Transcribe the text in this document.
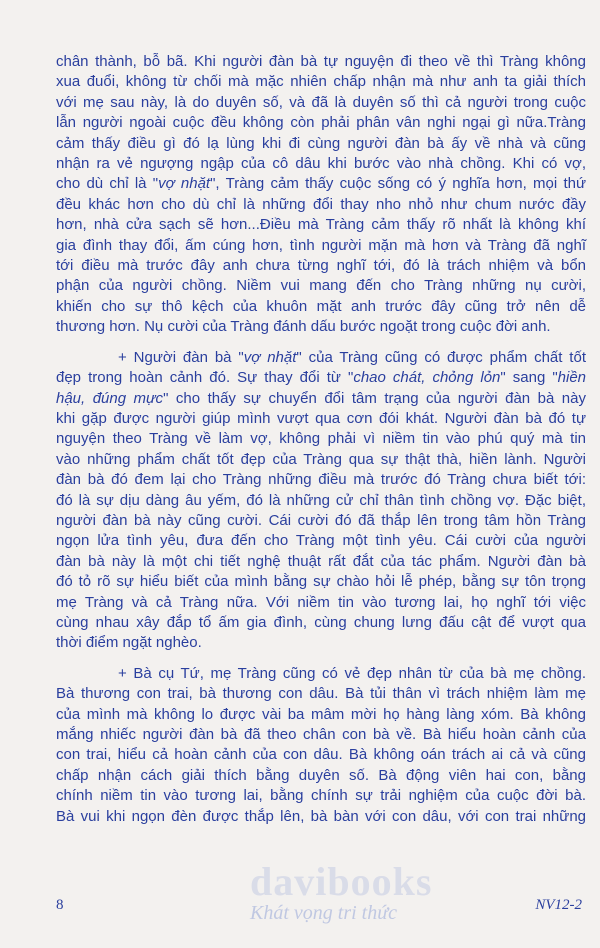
chân thành, bỗ bã. Khi người đàn bà tự nguyện đi theo về thì Tràng không
xua đuổi, không từ chối mà mặc nhiên chấp nhận mà như anh ta giải thích
với mẹ sau này, là do duyên số, và đã là duyên số thì cả người trong cuộc
lẫn người ngoài cuộc đều không còn phải phân vân nghi ngại gì nữa.Tràng
cảm thấy điều gì đó lạ lùng khi đi cùng người đàn bà ấy về nhà và cũng
nhận ra vẻ ngượng ngập của cô dâu khi bước vào nhà chồng. Khi có vợ,
cho dù chỉ là "vợ nhặt", Tràng cảm thấy cuộc sống có ý nghĩa hơn, mọi thứ
đều khác hơn cho dù chỉ là những đổi thay nho nhỏ như chum nước đầy
hơn, nhà cửa sạch sẽ hơn...Điều mà Tràng cảm thấy rõ nhất là không khí
gia đình thay đổi, ấm cúng hơn, tình người mặn mà hơn và Tràng đã nghĩ
tới điều mà trước đây anh chưa từng nghĩ tới, đó là trách nhiệm và bổn
phận của người chồng. Niềm vui mang đến cho Tràng những nụ cười,
khiến cho sự thô kệch của khuôn mặt anh trước đây cũng trở nên dễ
thương hơn. Nụ cười của Tràng đánh dấu bước ngoặt trong cuộc đời anh.
+ Người đàn bà "vợ nhặt" của Tràng cũng có được phẩm chất tốt
đẹp trong hoàn cảnh đó. Sự thay đổi từ "chao chát, chỏng lỏn" sang "hiền
hậu, đúng mực" cho thấy sự chuyển đổi tâm trạng của người đàn bà này
khi gặp được người giúp mình vượt qua cơn đói khát. Người đàn bà đó tự
nguyện theo Tràng về làm vợ, không phải vì niềm tin vào phú quý mà tin
vào những phẩm chất tốt đẹp của Tràng qua sự thật thà, hiền lành. Người
đàn bà đó đem lại cho Tràng những điều mà trước đó Tràng chưa biết tới:
đó là sự dịu dàng âu yếm, đó là những cử chỉ thân tình chồng vợ. Đặc biệt,
người đàn bà này cũng cười. Cái cười đó đã thắp lên trong tâm hồn Tràng
ngọn lửa tình yêu, đưa đến cho Tràng một tình yêu. Cái cười của người
đàn bà này là một chi tiết nghệ thuật rất đắt của tác phẩm. Người đàn bà
đó tỏ rõ sự hiểu biết của mình bằng sự chào hỏi lễ phép, bằng sự tôn trọng
mẹ Tràng và cả Tràng nữa. Với niềm tin vào tương lai, họ nghĩ tới việc
cùng nhau xây đắp tổ ấm gia đình, cùng chung lưng đấu cật để vượt qua
thời điểm ngặt nghèo.
+ Bà cụ Tứ, mẹ Tràng cũng có vẻ đẹp nhân từ của bà mẹ chồng.
Bà thương con trai, bà thương con dâu. Bà tủi thân vì trách nhiệm làm mẹ
của mình mà không lo được vài ba mâm mời họ hàng làng xóm. Bà không
mắng nhiếc người đàn bà đã theo chân con bà về. Bà hiểu hoàn cảnh của
con trai, hiểu cả hoàn cảnh của con dâu. Bà không oán trách ai cả và cũng
chấp nhận cách giải thích bằng duyên số. Bà động viên hai con, bằng
chính niềm tin vào tương lai, bằng chính sự trải nghiệm của cuộc đời bà.
Bà vui khi ngọn đèn được thắp lên, bà bàn với con dâu, với con trai những
davibooks
Khát vọng tri thức
8	NV12-2
